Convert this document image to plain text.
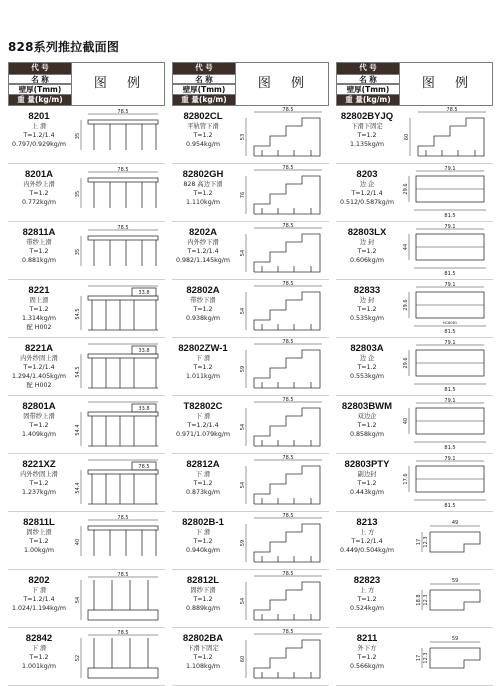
828系列推拉截面图
代 号
名 称
壁厚(Tmm)
重 量(kg/m)
图 例
8201
上 滑
T=1.2/1.4
0.797/0.929kg/m
78.5
35
8201A
内外纱上滑
T=1.2
0.772kg/m
78.5
35
82811A
带纱上滑
T=1.2
0.881kg/m
78.5
35
8221
固上滑
T=1.2
1.314kg/m
配 H002
33.8
54.5
8221A
内外纱固上滑
T=1.2/1.4
1.294/1.405kg/m
配 H002
33.8
54.5
82801A
固带纱上滑
T=1.2
1.409kg/m
33.8
54.4
8221XZ
内外纱固上滑
T=1.2
1.237kg/m
78.5
54.4
82811L
固纱上滑
T=1.2
1.00kg/m
78.5
40
8202
下 滑
T=1.2/1.4
1.024/1.194kg/m
78.5
54
82842
下 滑
T=1.2
1.001kg/m
78.5
52
代 号
名 称
壁厚(Tmm)
重 量(kg/m)
图 例
82802CL
平轨管下滑
T=1.2
0.954kg/m
78.5
53
82802GH
828 高边下滑
T=1.2
1.110kg/m
78.5
76
8202A
内外纱下滑
T=1.2/1.4
0.982/1.145kg/m
78.5
54
82802A
带纱下滑
T=1.2
0.938kg/m
78.5
54
82802ZW-1
下 滑
T=1.2
1.011kg/m
78.5
59
T82802C
下 滑
T=1.2/1.4
0.971/1.079kg/m
78.5
54
82812A
下 滑
T=1.2
0.873kg/m
78.5
54
82802B-1
下 滑
T=1.2
0.940kg/m
78.5
59
82812L
固纱下滑
T=1.2
0.889kg/m
78.5
54
82802BA
下滑下固定
T=1.2
1.108kg/m
78.5
60
代 号
名 称
壁厚(Tmm)
重 量(kg/m)
图 例
82802BYJQ
下滑下固定
T=1.2
1.135kg/m
78.5
60
8203
边 企
T=1.2/1.4
0.512/0.587kg/m
79.1
81.5
29.6
82803LX
边 封
T=1.2
0.606kg/m
79.1
81.5
44
82833
边 封
T=1.2
0.535kg/m
79.1
81.5
29.6
HC8081
82803A
边 企
T=1.2
0.553kg/m
79.1
81.5
29.6
82803BWM
双边企
T=1.2
0.858kg/m
79.1
81.5
40
82803PTY
副边封
T=1.2
0.443kg/m
79.1
81.5
17.6
8213
上 方
T=1.2/1.4
0.449/0.504kg/m
49
17 12.3
82823
上 方
T=1.2
0.524kg/m
59
18.8 12.3
8211
外下方
T=1.2
0.566kg/m
59
17 12.3
